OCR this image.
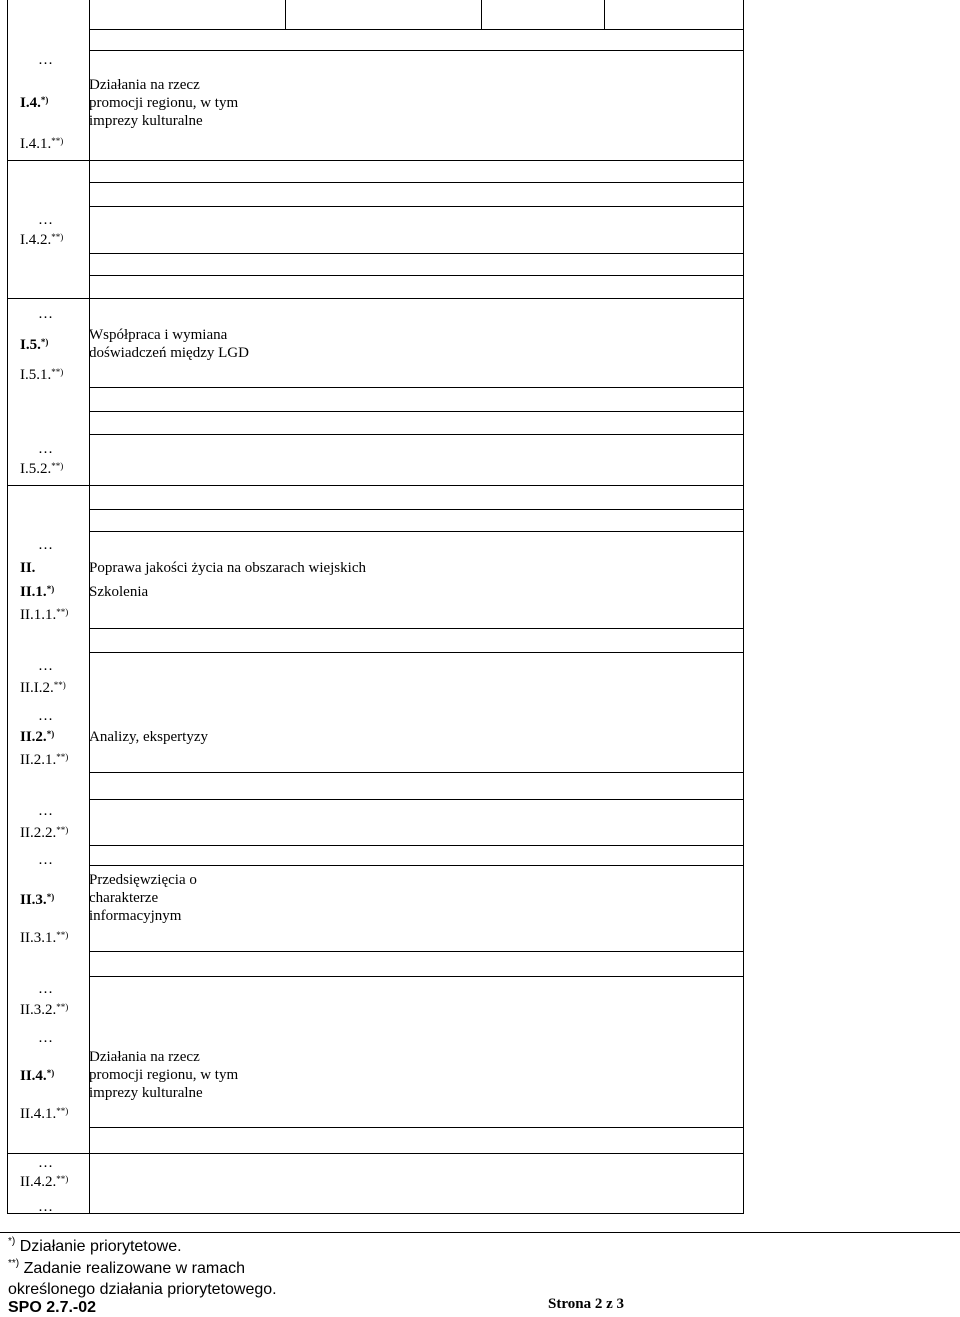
…
I.4.*)
I.4.1.**)
…
I.4.2.**)
…
I.5.*)
I.5.1.**)
…
I.5.2.**)
…
II.
II.1.*)
II.1.1.**)
…
II.I.2.**)
…
II.2.*)
II.2.1.**)
…
II.2.2.**)
…
II.3.*)
II.3.1.**)
…
II.3.2.**)
…
II.4.*)
II.4.1.**)
…
II.4.2.**)
…
Działania na rzecz
promocji regionu, w tym
imprezy kulturalne
Współpraca i wymiana
doświadczeń między LGD
Poprawa jakości życia na obszarach wiejskich
Szkolenia
Analizy, ekspertyzy
Przedsięwzięcia o
charakterze
informacyjnym
Działania na rzecz
promocji regionu, w tym
imprezy kulturalne
*) Działanie priorytetowe.
**) Zadanie realizowane w ramach
określonego działania priorytetowego.
SPO 2.7.-02	Strona 2 z 3
